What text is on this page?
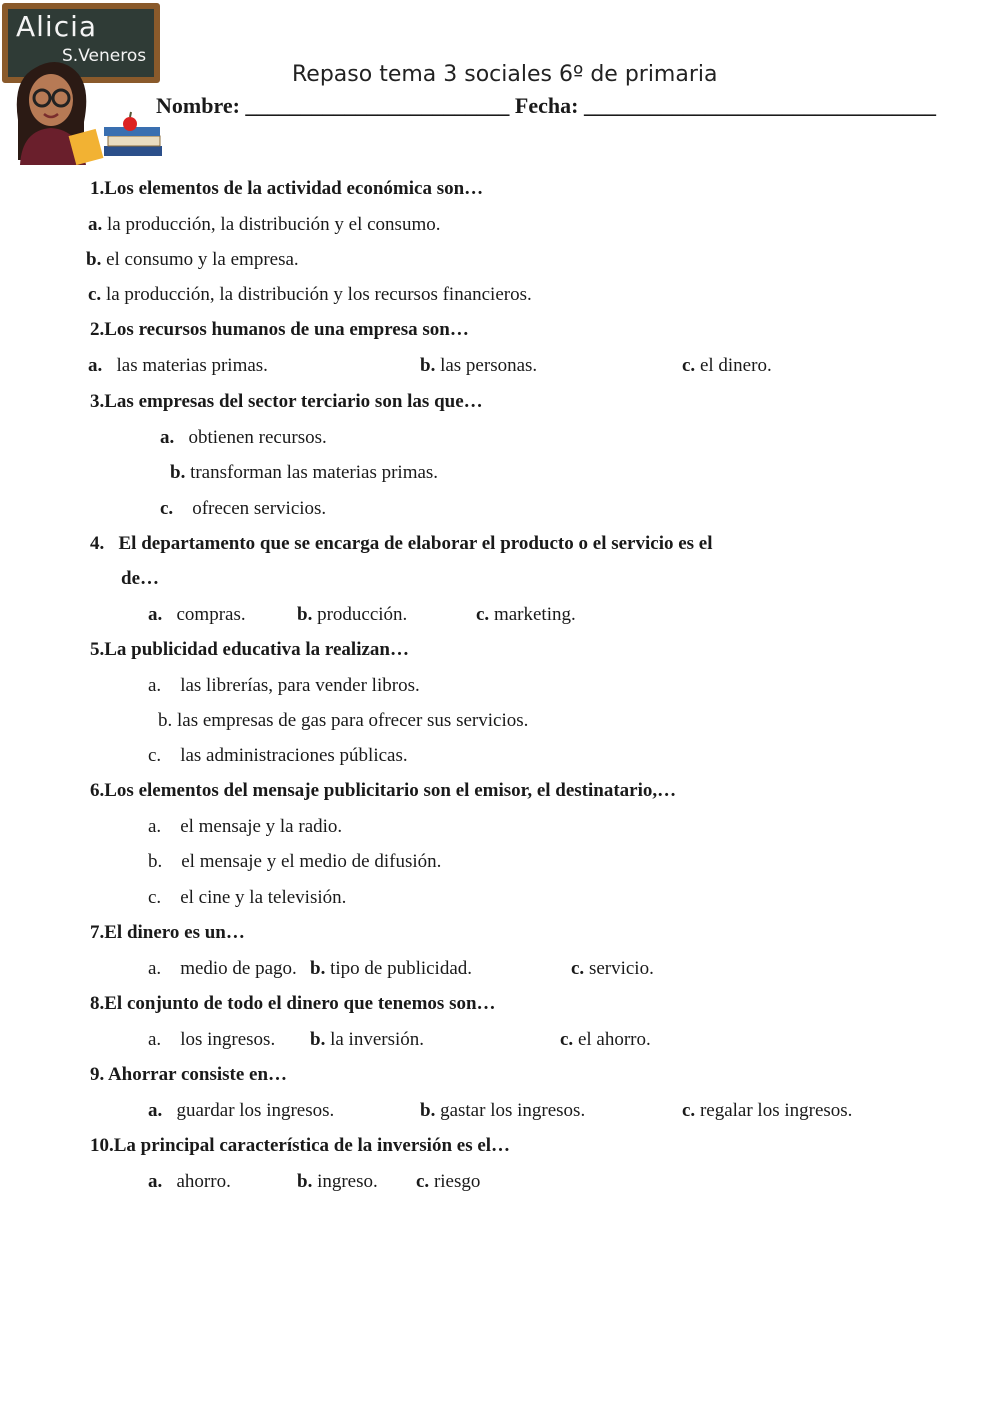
Alicia
S.Veneros
Repaso tema 3 sociales 6º de primaria
Nombre: ________________________ Fecha: ________________________________
1.Los elementos de la actividad económica son…
a. la producción, la distribución y el consumo.
b. el consumo y la empresa.
c. la producción, la distribución y los recursos financieros.
2.Los recursos humanos de una empresa son…
a. las materias primas.	b. las personas.	c. el dinero.
3.Las empresas del sector terciario son las que…
a. obtienen recursos.
b. transforman las materias primas.
c. ofrecen servicios.
4. El departamento que se encarga de elaborar el producto o el servicio es el
de…
a. compras.	b. producción.	c. marketing.
5.La publicidad educativa la realizan…
a. las librerías, para vender libros.
b. las empresas de gas para ofrecer sus servicios.
c. las administraciones públicas.
6.Los elementos del mensaje publicitario son el emisor, el destinatario,…
a. el mensaje y la radio.
b. el mensaje y el medio de difusión.
c. el cine y la televisión.
7.El dinero es un…
a. medio de pago. b. tipo de publicidad.	c. servicio.
8.El conjunto de todo el dinero que tenemos son…
a. los ingresos. b. la inversión.	c. el ahorro.
9. Ahorrar consiste en…
a. guardar los ingresos.	b. gastar los ingresos.	c. regalar los ingresos.
10.La principal característica de la inversión es el…
a. ahorro.	b. ingreso. c. riesgo
